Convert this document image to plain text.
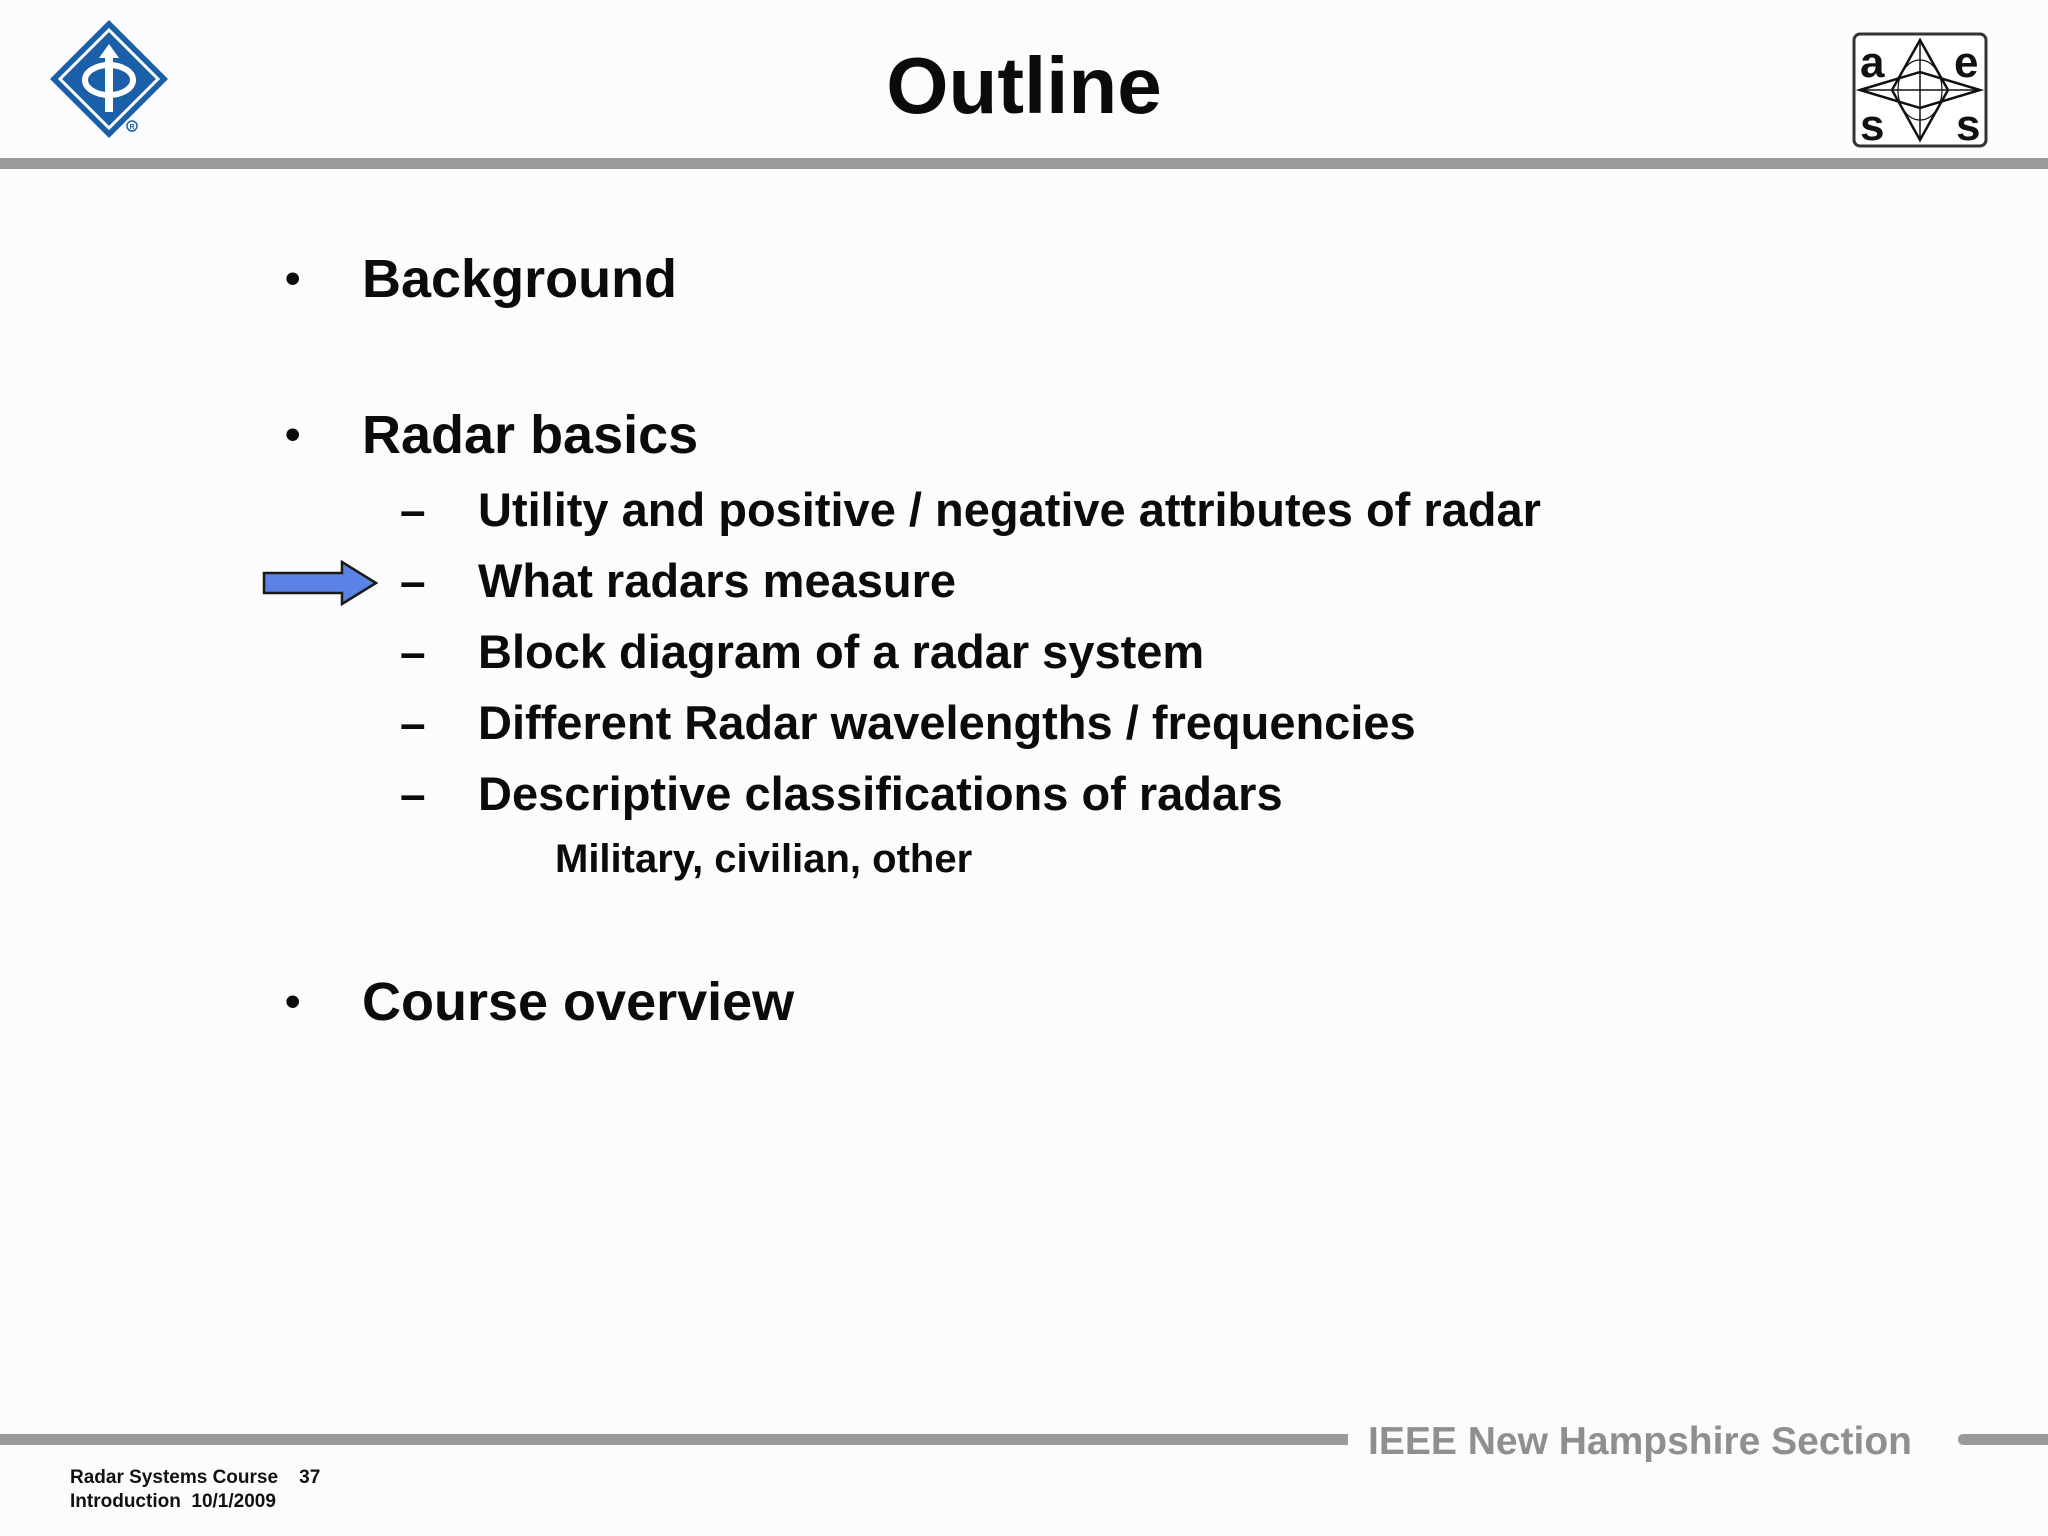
R	Outline	a e
s s
• Background
• Radar basics
– Utility and positive / negative attributes of radar
– What radars measure
– Block diagram of a radar system
– Different Radar wavelengths / frequencies
– Descriptive classifications of radars
Military, civilian, other
• Course overview
IEEE New Hampshire Section
Radar Systems Course 37
Introduction 10/1/2009
